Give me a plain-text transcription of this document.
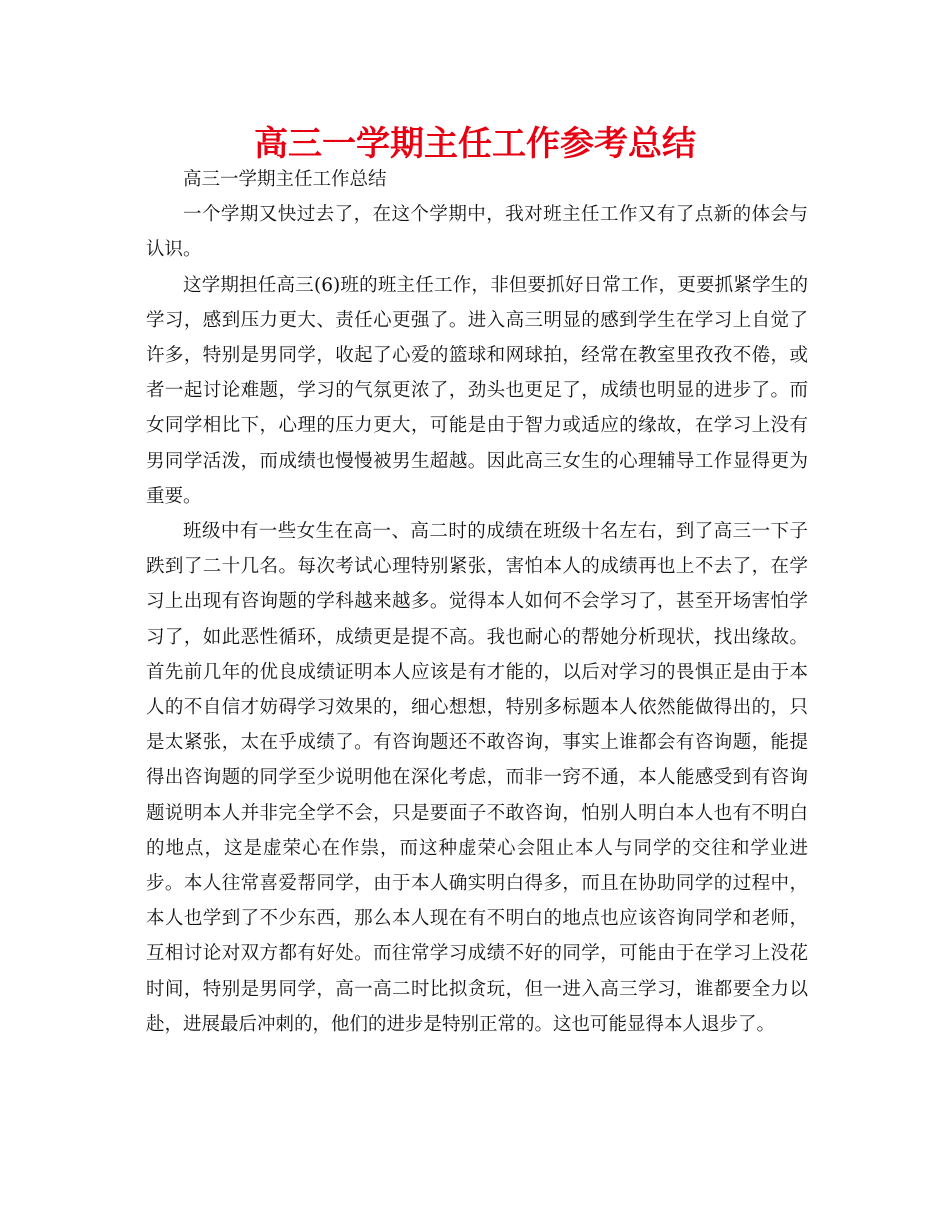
高三一学期主任工作参考总结

高三一学期主任工作总结

一个学期又快过去了，在这个学期中，我对班主任工作又有了点新的体会与认识。

这学期担任高三(6)班的班主任工作，非但要抓好日常工作，更要抓紧学生的学习，感到压力更大、责任心更强了。进入高三明显的感到学生在学习上自觉了许多，特别是男同学，收起了心爱的篮球和网球拍，经常在教室里孜孜不倦，或者一起讨论难题，学习的气氛更浓了，劲头也更足了，成绩也明显的进步了。而女同学相比下，心理的压力更大，可能是由于智力或适应的缘故，在学习上没有男同学活泼，而成绩也慢慢被男生超越。因此高三女生的心理辅导工作显得更为重要。

班级中有一些女生在高一、高二时的成绩在班级十名左右，到了高三一下子跌到了二十几名。每次考试心理特别紧张，害怕本人的成绩再也上不去了，在学习上出现有咨询题的学科越来越多。觉得本人如何不会学习了，甚至开场害怕学习了，如此恶性循环，成绩更是提不高。我也耐心的帮她分析现状，找出缘故。首先前几年的优良成绩证明本人应该是有才能的，以后对学习的畏惧正是由于本人的不自信才妨碍学习效果的，细心想想，特别多标题本人依然能做得出的，只是太紧张，太在乎成绩了。有咨询题还不敢咨询，事实上谁都会有咨询题，能提得出咨询题的同学至少说明他在深化考虑，而非一窍不通，本人能感受到有咨询题说明本人并非完全学不会，只是要面子不敢咨询，怕别人明白本人也有不明白的地点，这是虚荣心在作祟，而这种虚荣心会阻止本人与同学的交往和学业进步。本人往常喜爱帮同学，由于本人确实明白得多，而且在协助同学的过程中，本人也学到了不少东西，那么本人现在有不明白的地点也应该咨询同学和老师，互相讨论对双方都有好处。而往常学习成绩不好的同学，可能由于在学习上没花时间，特别是男同学，高一高二时比拟贪玩，但一进入高三学习，谁都要全力以赴，进展最后冲刺的，他们的进步是特别正常的。这也可能显得本人退步了。
